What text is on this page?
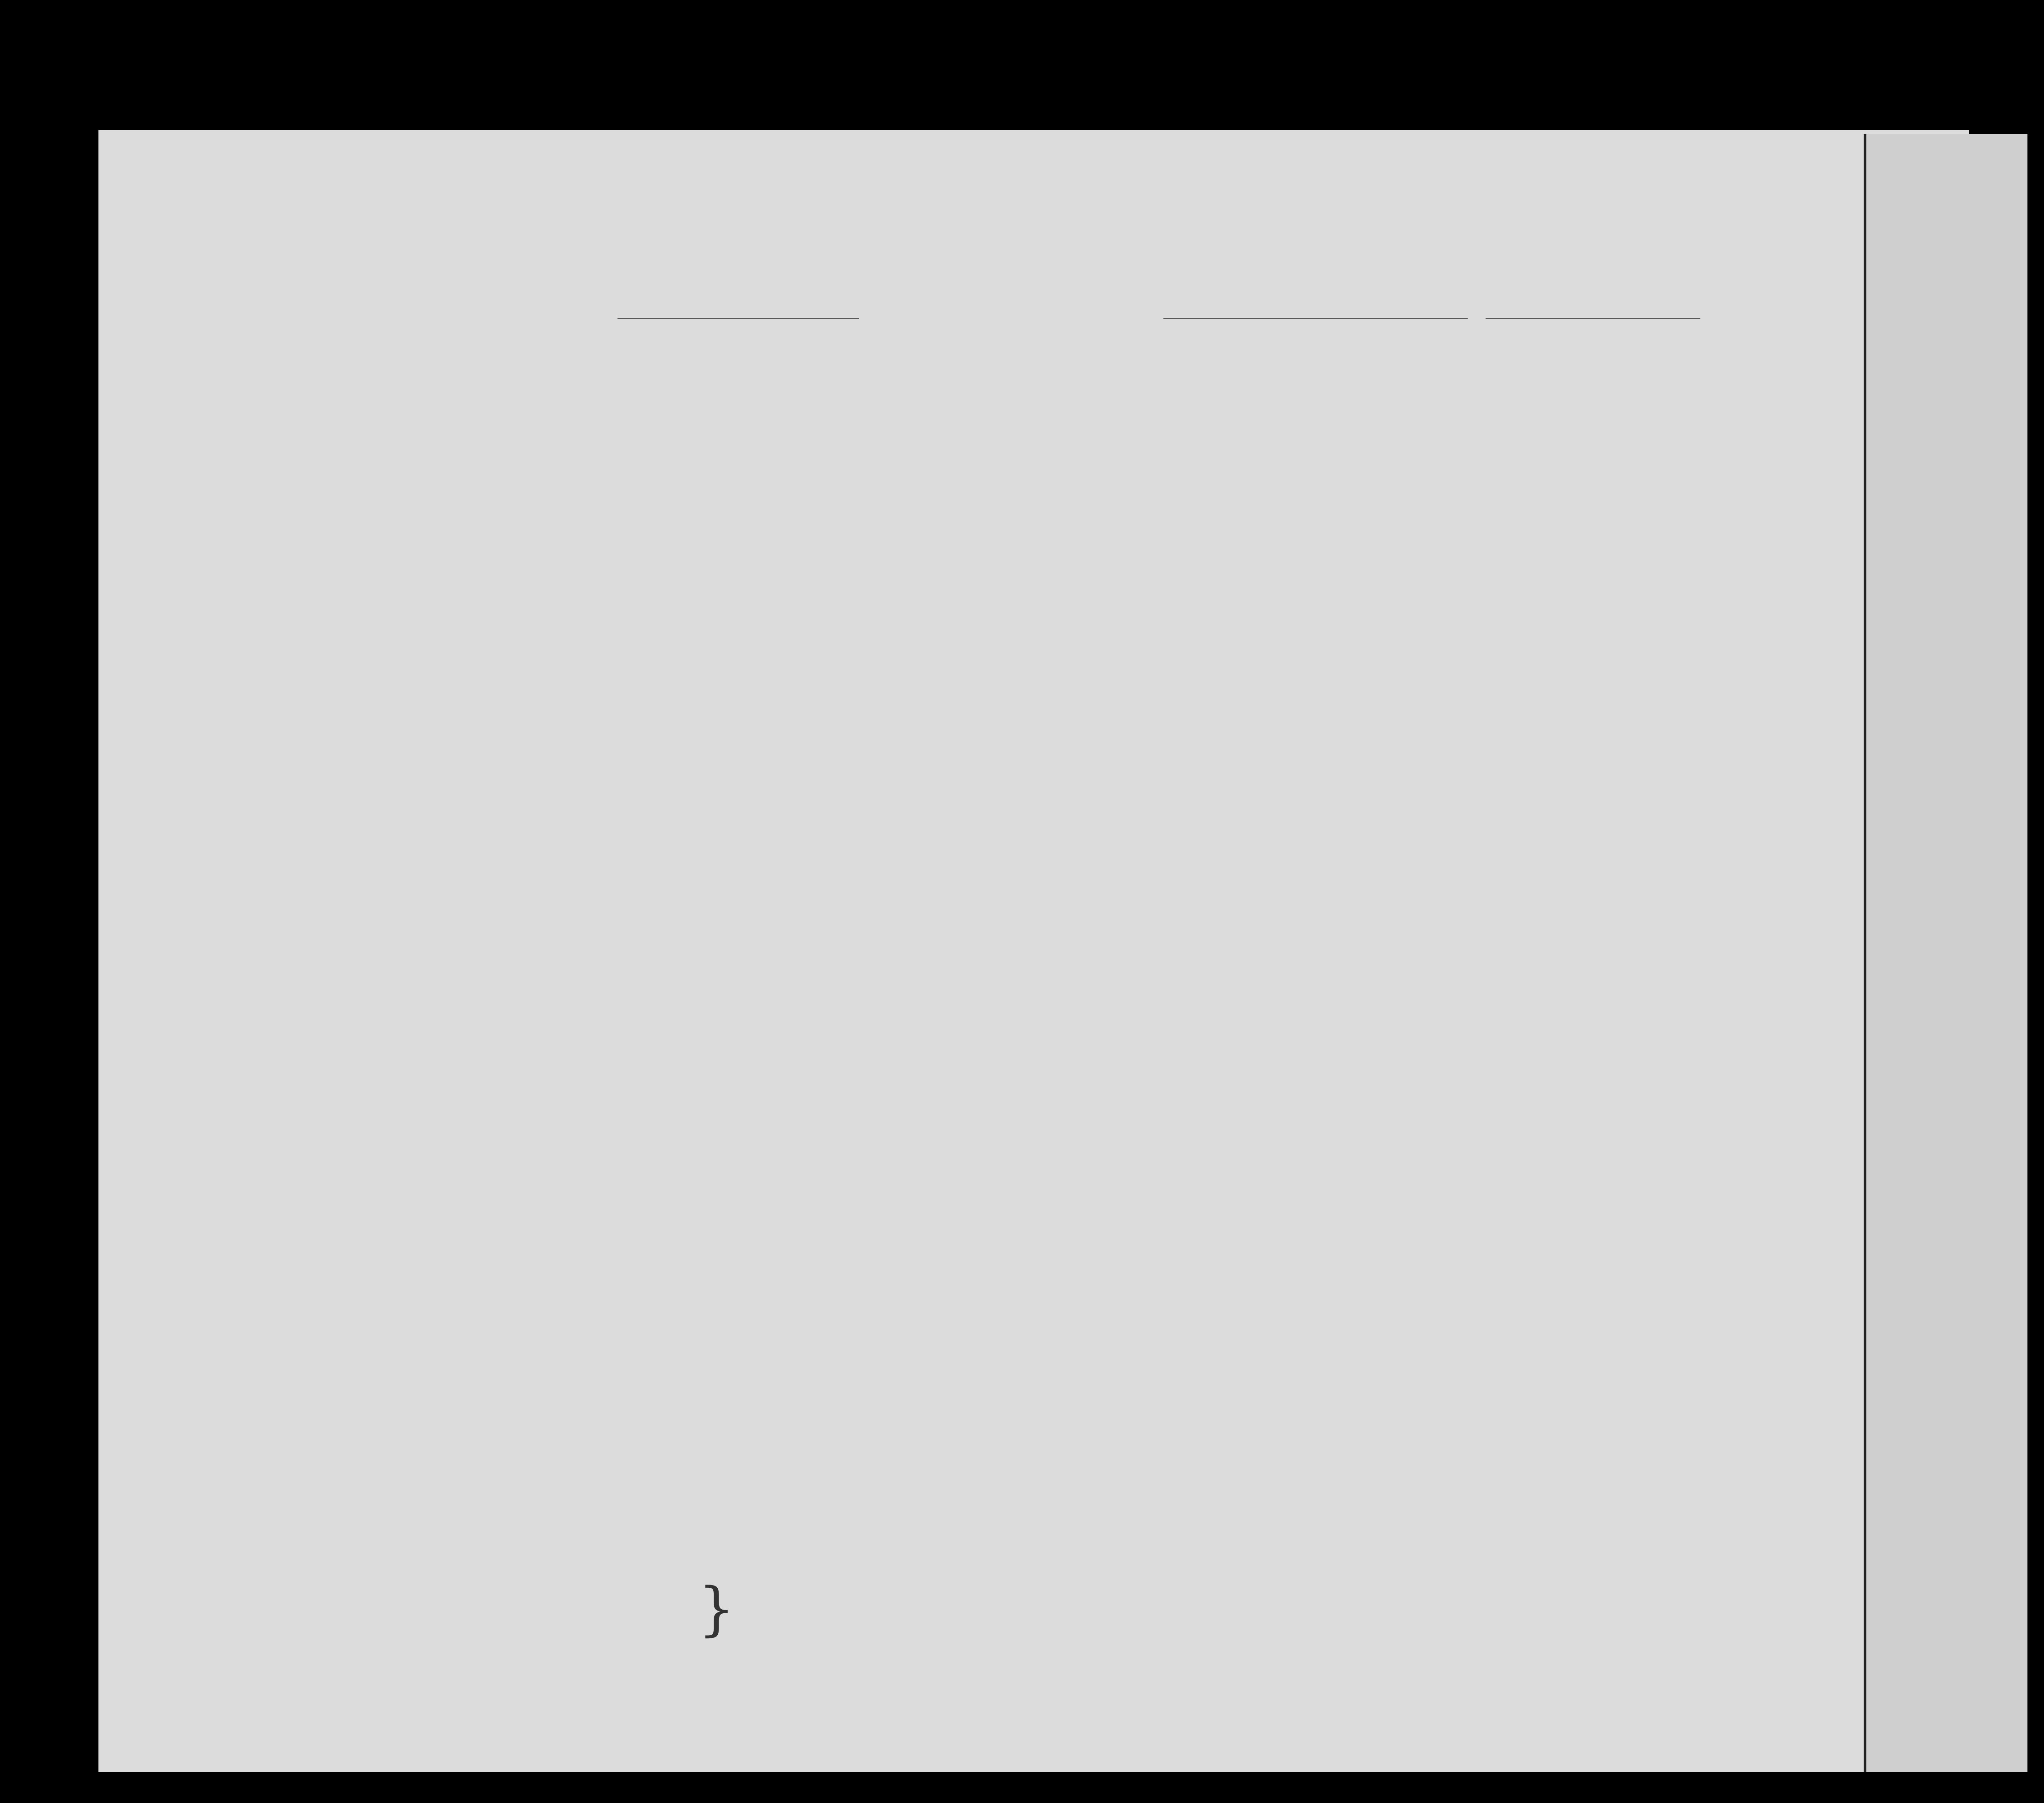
}
